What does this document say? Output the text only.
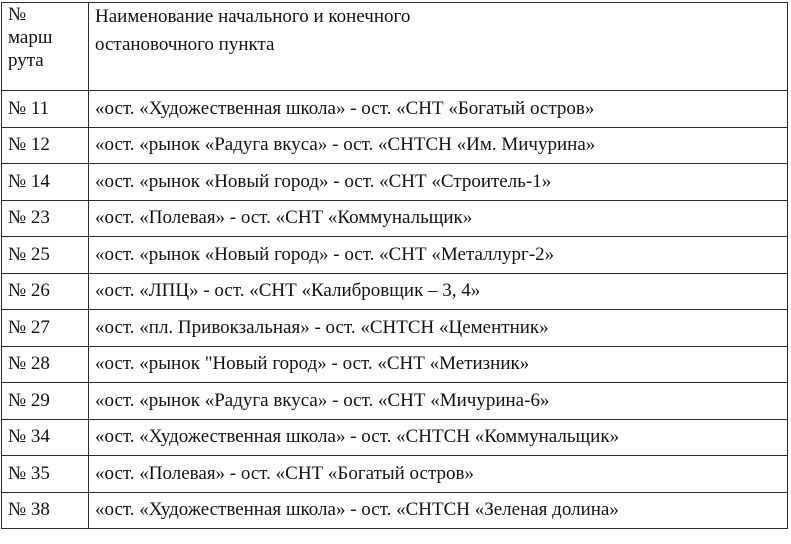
№
марш
рута	Наименование начального и конечного
остановочного пункта

№ 11	«ост. «Художественная школа» - ост. «СНТ «Богатый остров»
№ 12	«ост. «рынок «Радуга вкуса» - ост. «СНТСН «Им. Мичурина»
№ 14	«ост. «рынок «Новый город» - ост. «СНТ «Строитель-1»
№ 23	«ост. «Полевая» - ост. «СНТ «Коммунальщик»
№ 25	«ост. «рынок «Новый город» - ост. «СНТ «Металлург-2»
№ 26	«ост. «ЛПЦ» - ост. «СНТ «Калибровщик – 3, 4»
№ 27	«ост. «пл. Привокзальная» - ост. «СНТСН «Цементник»
№ 28	«ост. «рынок "Новый город» - ост. «СНТ «Метизник»
№ 29	«ост. «рынок «Радуга вкуса» - ост. «СНТ «Мичурина-6»
№ 34	«ост. «Художественная школа» - ост. «СНТСН «Коммунальщик»
№ 35	«ост. «Полевая» - ост. «СНТ «Богатый остров»
№ 38	«ост. «Художественная школа» - ост. «СНТСН «Зеленая долина»
